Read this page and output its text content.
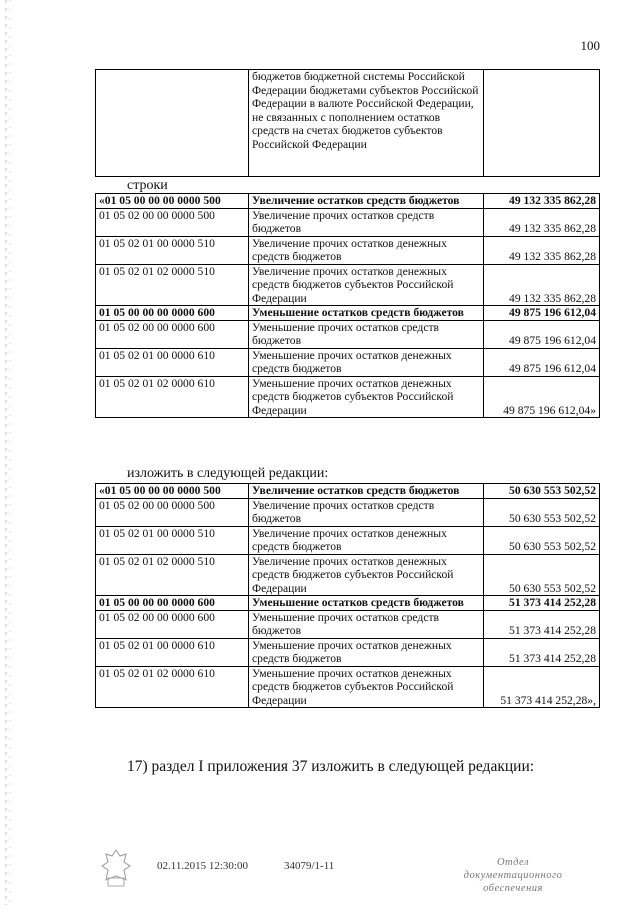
100
	бюджетов бюджетной системы Российской Федерации бюджетами субъектов Российской Федерации в валюте Российской Федерации, не связанных с пополнением остатков средств на счетах бюджетов субъектов Российской Федерации	
строки
«01 05 00 00 00 0000 500	Увеличение остатков средств бюджетов	49 132 335 862,28
01 05 02 00 00 0000 500	Увеличение прочих остатков средств бюджетов	49 132 335 862,28
01 05 02 01 00 0000 510	Увеличение прочих остатков денежных средств бюджетов	49 132 335 862,28
01 05 02 01 02 0000 510	Увеличение прочих остатков денежных средств бюджетов субъектов Российской Федерации	49 132 335 862,28
01 05 00 00 00 0000 600	Уменьшение остатков средств бюджетов	49 875 196 612,04
01 05 02 00 00 0000 600	Уменьшение прочих остатков средств бюджетов	49 875 196 612,04
01 05 02 01 00 0000 610	Уменьшение прочих остатков денежных средств бюджетов	49 875 196 612,04
01 05 02 01 02 0000 610	Уменьшение прочих остатков денежных средств бюджетов субъектов Российской Федерации	49 875 196 612,04»
изложить в следующей редакции:
«01 05 00 00 00 0000 500	Увеличение остатков средств бюджетов	50 630 553 502,52
01 05 02 00 00 0000 500	Увеличение прочих остатков средств бюджетов	50 630 553 502,52
01 05 02 01 00 0000 510	Увеличение прочих остатков денежных средств бюджетов	50 630 553 502,52
01 05 02 01 02 0000 510	Увеличение прочих остатков денежных средств бюджетов субъектов Российской Федерации	50 630 553 502,52
01 05 00 00 00 0000 600	Уменьшение остатков средств бюджетов	51 373 414 252,28
01 05 02 00 00 0000 600	Уменьшение прочих остатков средств бюджетов	51 373 414 252,28
01 05 02 01 00 0000 610	Уменьшение прочих остатков денежных средств бюджетов	51 373 414 252,28
01 05 02 01 02 0000 610	Уменьшение прочих остатков денежных средств бюджетов субъектов Российской Федерации	51 373 414 252,28»,
17) раздел I приложения 37 изложить в следующей редакции:
02.11.2015 12:30:00	34079/1-11	Отдел документационного
обеспечения
